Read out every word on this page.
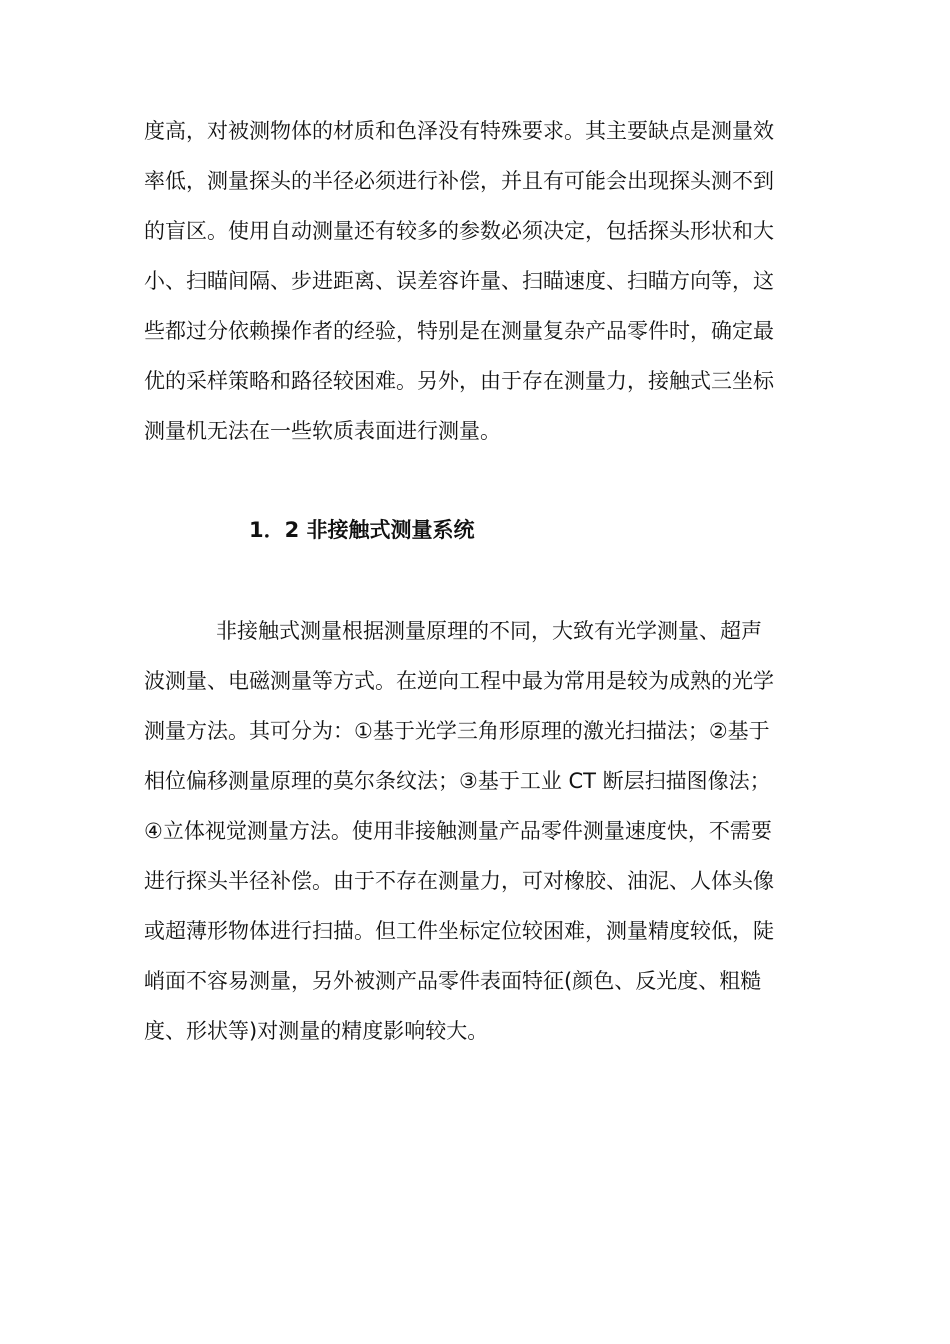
度高，对被测物体的材质和色泽没有特殊要求。其主要缺点是测量效
率低，测量探头的半径必须进行补偿，并且有可能会出现探头测不到
的盲区。使用自动测量还有较多的参数必须决定，包括探头形状和大
小、扫瞄间隔、步进距离、误差容许量、扫瞄速度、扫瞄方向等，这
些都过分依赖操作者的经验，特别是在测量复杂产品零件时，确定最
优的采样策略和路径较困难。另外，由于存在测量力，接触式三坐标
测量机无法在一些软质表面进行测量。
1．2 非接触式测量系统
非接触式测量根据测量原理的不同，大致有光学测量、超声
波测量、电磁测量等方式。在逆向工程中最为常用是较为成熟的光学
测量方法。其可分为：①基于光学三角形原理的激光扫描法；②基于
相位偏移测量原理的莫尔条纹法；③基于工业 CT 断层扫描图像法；
④立体视觉测量方法。使用非接触测量产品零件测量速度快，不需要
进行探头半径补偿。由于不存在测量力，可对橡胶、油泥、人体头像
或超薄形物体进行扫描。但工件坐标定位较困难，测量精度较低，陡
峭面不容易测量，另外被测产品零件表面特征(颜色、反光度、粗糙
度、形状等)对测量的精度影响较大。
